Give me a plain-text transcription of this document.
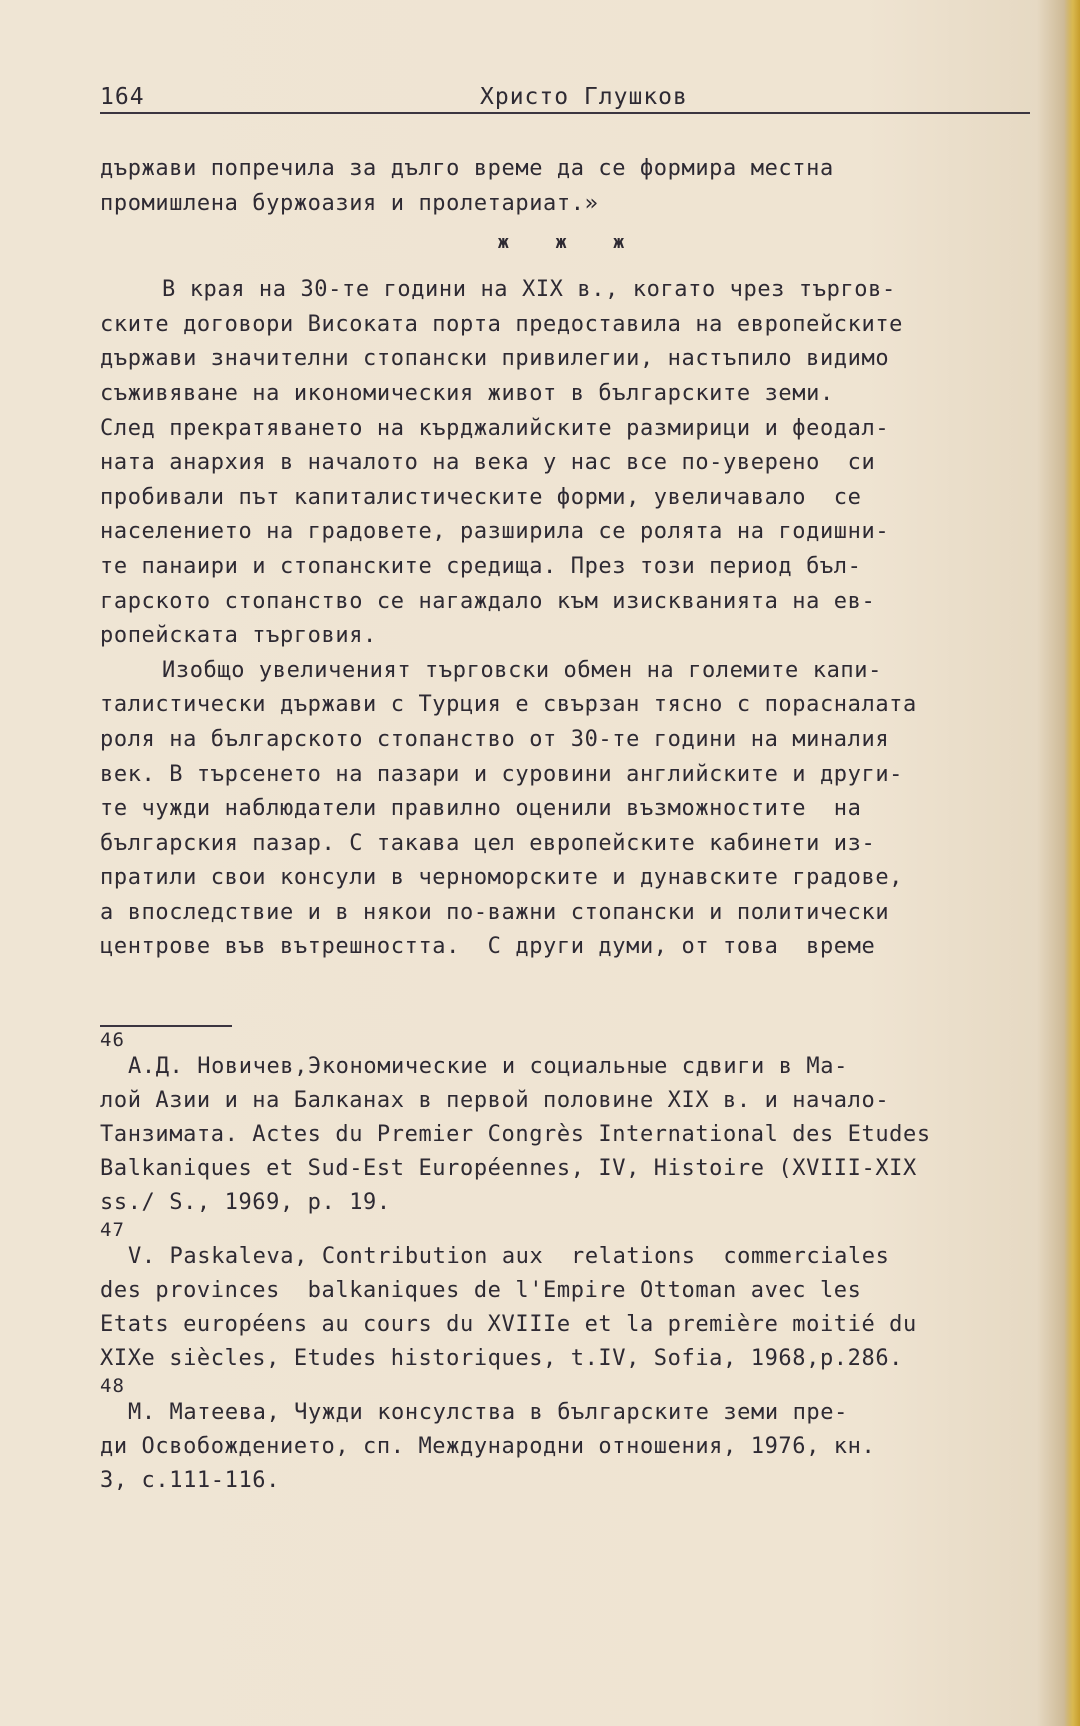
164	Христо Глушков
държави попречила за дълго време да се формира местна
промишлена буржоазия и пролетариат.»
ж ж ж
В края на 30-те години на XIX в., когато чрез търгов-
ските договори Високата порта предоставила на европейските
държави значителни стопански привилегии, настъпило видимо
съживяване на икономическия живот в българските земи.
След прекратяването на кърджалийските размирици и феодал-
ната анархия в началото на века у нас все по-уверено  си
пробивали път капиталистическите форми, увеличавало  се
населението на градовете, разширила се ролята на годишни-
те панаири и стопанските средища. През този период бъл-
гарското стопанство се нагаждало към изискванията на ев-
ропейската търговия.
Изобщо увеличеният търговски обмен на големите капи-
талистически държави с Турция е свързан тясно с порасналата
роля на българското стопанство от 30-те години на миналия
век. В търсенето на пазари и суровини английските и други-
те чужди наблюдатели правилно оценили възможностите  на
българския пазар. С такава цел европейските кабинети из-
пратили свои консули в черноморските и дунавските градове,
а впоследствие и в някои по-важни стопански и политически
центрове във вътрешността.  С други думи, от това  време
46
А.Д. Новичев,Экономические и социальные сдвиги в Ма-
лой Азии и на Балканах в первой половине XIX в. и начало-
Танзимата. Actes du Premier Congrès International des Etudes
Balkaniques et Sud-Est Européennes, IV, Histoire (XVIII-XIX
ss./ S., 1969, p. 19.
47
V. Paskaleva, Contribution aux  relations  commerciales
des provinces  balkaniques de l'Empire Ottoman avec les
Etats européens au cours du XVIIIe et la première moitié du
XIXe siècles, Etudes historiques, t.IV, Sofia, 1968,p.286.
48
М. Матеева, Чужди консулства в българските земи пре-
ди Освобождението, сп. Международни отношения, 1976, кн.
3, с.111-116.
